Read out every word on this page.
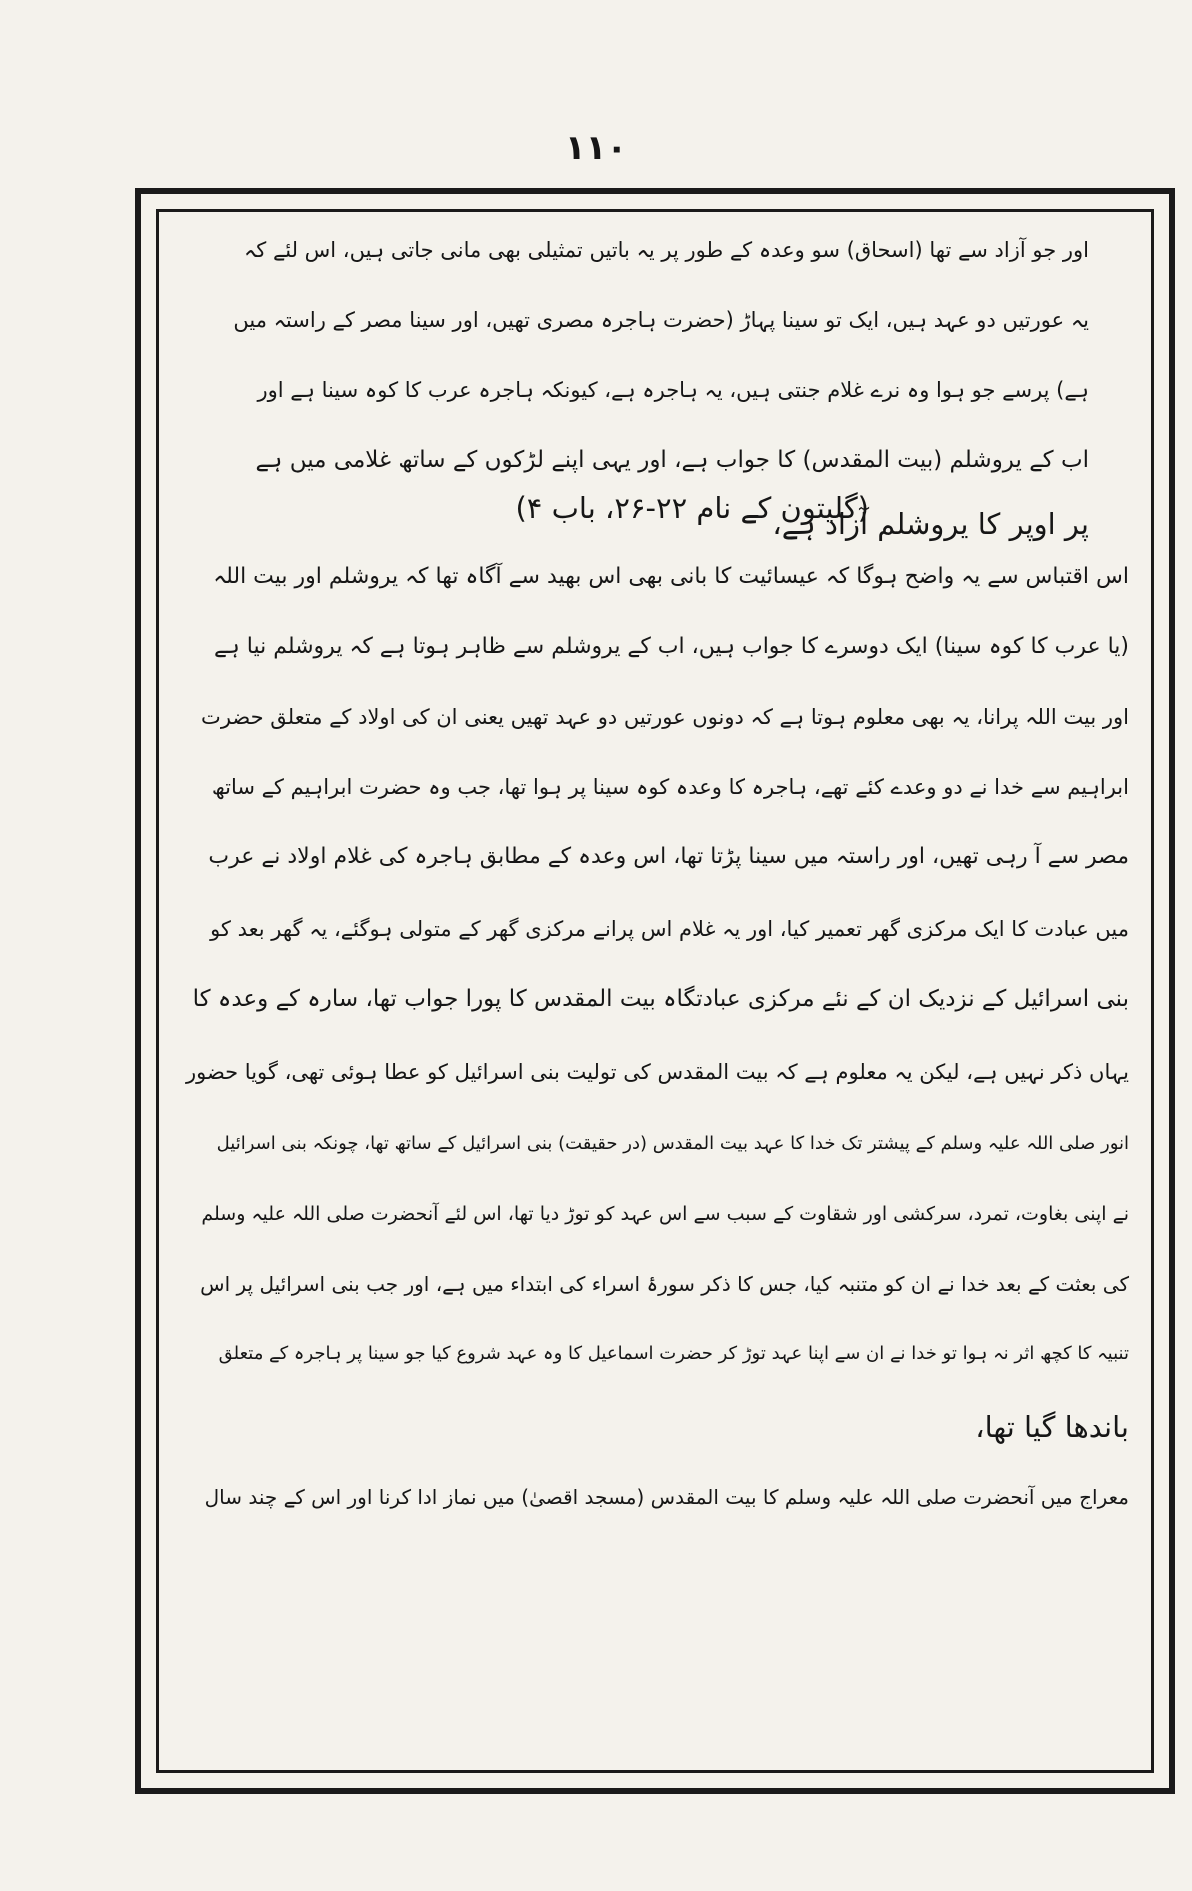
١١٠
اور جو آزاد سے تھا (اسحاق) سو وعدہ کے طور پر یہ باتیں تمثیلی بھی مانی جاتی ہیں، اس لئے کہ
یہ عورتیں دو عہد ہیں، ایک تو سینا پہاڑ (حضرت ہاجرہ مصری تھیں، اور سینا مصر کے راستہ میں
ہے) پرسے جو ہوا وہ نرے غلام جنتی ہیں، یہ ہاجرہ ہے، کیونکہ ہاجرہ عرب کا کوہ سینا ہے اور
اب کے یروشلم (بیت المقدس) کا جواب ہے، اور یہی اپنے لڑکوں کے ساتھ غلامی میں ہے
پر اوپر کا یروشلم آزاد ہے،
(گلیتون کے نام ۲۲-۲۶، باب ۴)
اس اقتباس سے یہ واضح ہوگا کہ عیسائیت کا بانی بھی اس بھید سے آگاہ تھا کہ یروشلم اور بیت اللہ
(یا عرب کا کوہ سینا) ایک دوسرے کا جواب ہیں، اب کے یروشلم سے ظاہر ہوتا ہے کہ یروشلم نیا ہے
اور بیت اللہ پرانا، یہ بھی معلوم ہوتا ہے کہ دونوں عورتیں دو عہد تھیں یعنی ان کی اولاد کے متعلق حضرت
ابراہیم سے خدا نے دو وعدے کئے تھے، ہاجرہ کا وعدہ کوہ سینا پر ہوا تھا، جب وہ حضرت ابراہیم کے ساتھ
مصر سے آ رہی تھیں، اور راستہ میں سینا پڑتا تھا، اس وعدہ کے مطابق ہاجرہ کی غلام اولاد نے عرب
میں عبادت کا ایک مرکزی گھر تعمیر کیا، اور یہ غلام اس پرانے مرکزی گھر کے متولی ہوگئے، یہ گھر بعد کو
بنی اسرائیل کے نزدیک ان کے نئے مرکزی عبادتگاہ بیت المقدس کا پورا جواب تھا، سارہ کے وعدہ کا
یہاں ذکر نہیں ہے، لیکن یہ معلوم ہے کہ بیت المقدس کی تولیت بنی اسرائیل کو عطا ہوئی تھی، گویا حضور
انور صلی اللہ علیہ وسلم کے پیشتر تک خدا کا عہد بیت المقدس (در حقیقت) بنی اسرائیل کے ساتھ تھا، چونکہ بنی اسرائیل
نے اپنی بغاوت، تمرد، سرکشی اور شقاوت کے سبب سے اس عہد کو توڑ دیا تھا، اس لئے آنحضرت صلی اللہ علیہ وسلم
کی بعثت کے بعد خدا نے ان کو متنبہ کیا، جس کا ذکر سورۂ اسراء کی ابتداء میں ہے، اور جب بنی اسرائیل پر اس
تنبیہ کا کچھ اثر نہ ہوا تو خدا نے ان سے اپنا عہد توڑ کر حضرت اسماعیل کا وہ عہد شروع کیا جو سینا پر ہاجرہ کے متعلق
باندھا گیا تھا،
معراج میں آنحضرت صلی اللہ علیہ وسلم کا بیت المقدس (مسجد اقصیٰ) میں نماز ادا کرنا اور اس کے چند سال
